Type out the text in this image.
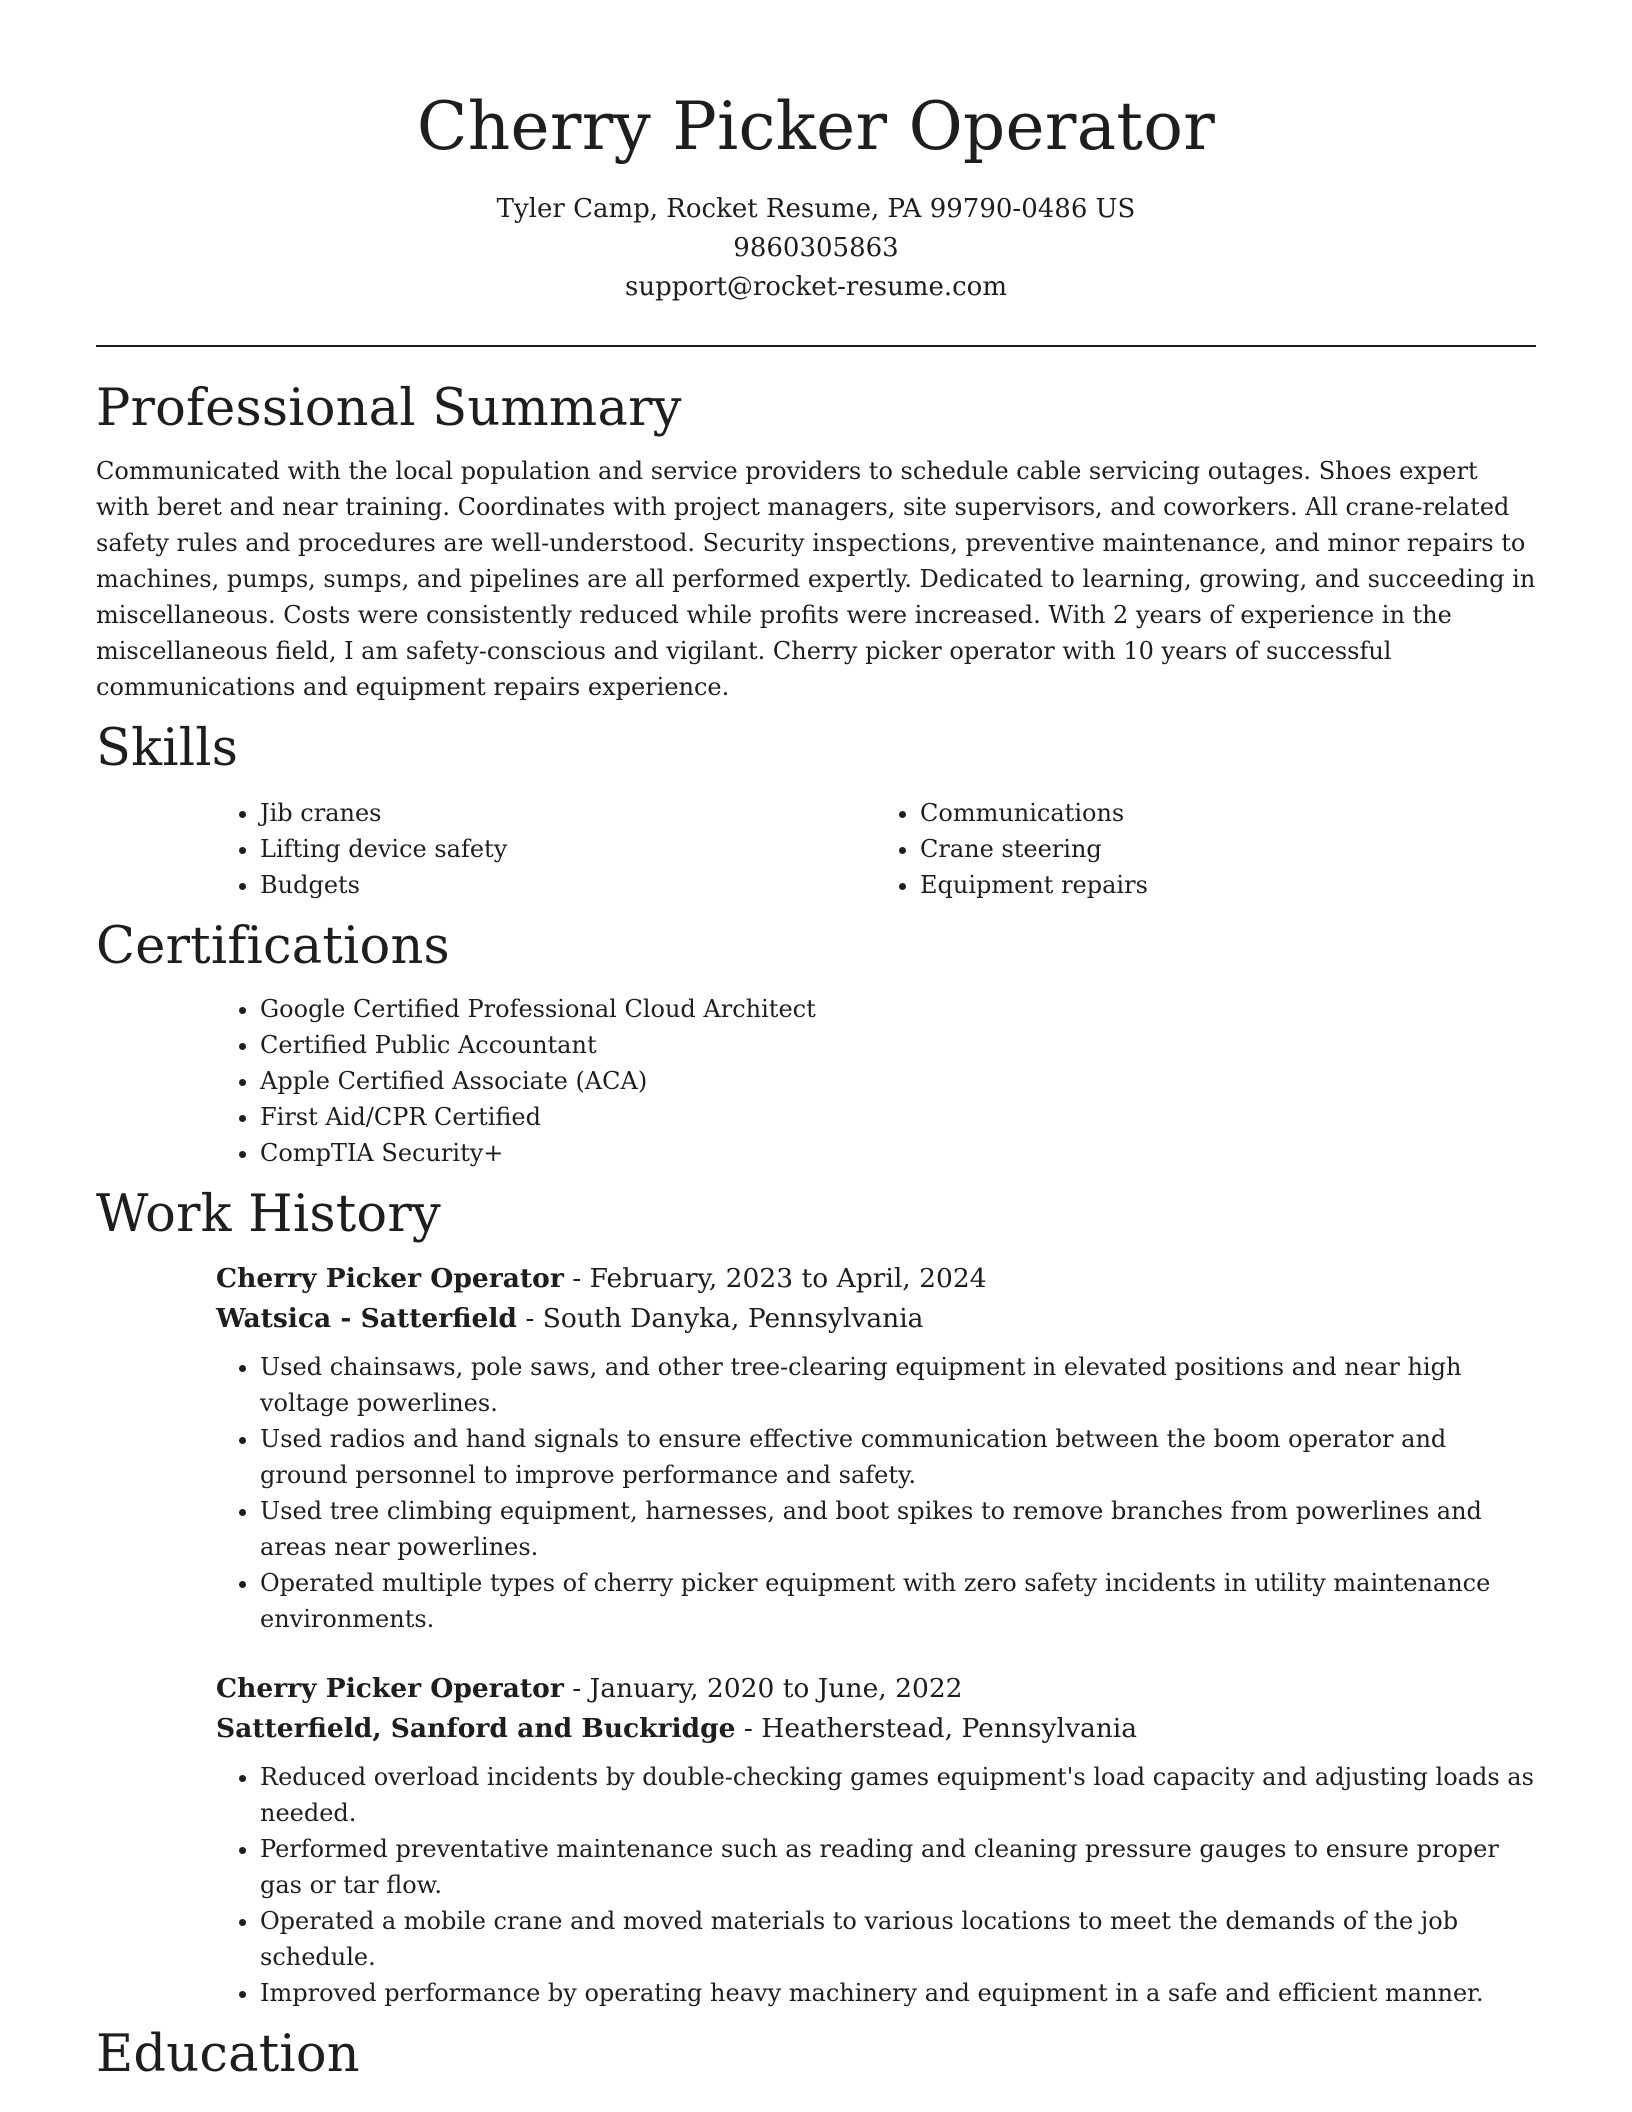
Cherry Picker Operator
Tyler Camp, Rocket Resume, PA 99790-0486 US
9860305863
support@rocket-resume.com
Professional Summary

Communicated with the local population and service providers to schedule cable servicing outages. Shoes expert with beret and near training. Coordinates with project managers, site supervisors, and coworkers. All crane-related safety rules and procedures are well-understood. Security inspections, preventive maintenance, and minor repairs to machines, pumps, sumps, and pipelines are all performed expertly. Dedicated to learning, growing, and succeeding in miscellaneous. Costs were consistently reduced while profits were increased. With 2 years of experience in the miscellaneous field, I am safety-conscious and vigilant. Cherry picker operator with 10 years of successful communications and equipment repairs experience.

Skills
• Jib cranes
• Lifting device safety
• Budgets
• Communications
• Crane steering
• Equipment repairs
Certifications
• Google Certified Professional Cloud Architect
• Certified Public Accountant
• Apple Certified Associate (ACA)
• First Aid/CPR Certified
• CompTIA Security+
Work History
Cherry Picker Operator - February, 2023 to April, 2024
Watsica - Satterfield - South Danyka, Pennsylvania
• Used chainsaws, pole saws, and other tree-clearing equipment in elevated positions and near high voltage powerlines.
• Used radios and hand signals to ensure effective communication between the boom operator and ground personnel to improve performance and safety.
• Used tree climbing equipment, harnesses, and boot spikes to remove branches from powerlines and areas near powerlines.
• Operated multiple types of cherry picker equipment with zero safety incidents in utility maintenance environments.
Cherry Picker Operator - January, 2020 to June, 2022
Satterfield, Sanford and Buckridge - Heatherstead, Pennsylvania
• Reduced overload incidents by double-checking games equipment's load capacity and adjusting loads as needed.
• Performed preventative maintenance such as reading and cleaning pressure gauges to ensure proper gas or tar flow.
• Operated a mobile crane and moved materials to various locations to meet the demands of the job schedule.
• Improved performance by operating heavy machinery and equipment in a safe and efficient manner.
Education
